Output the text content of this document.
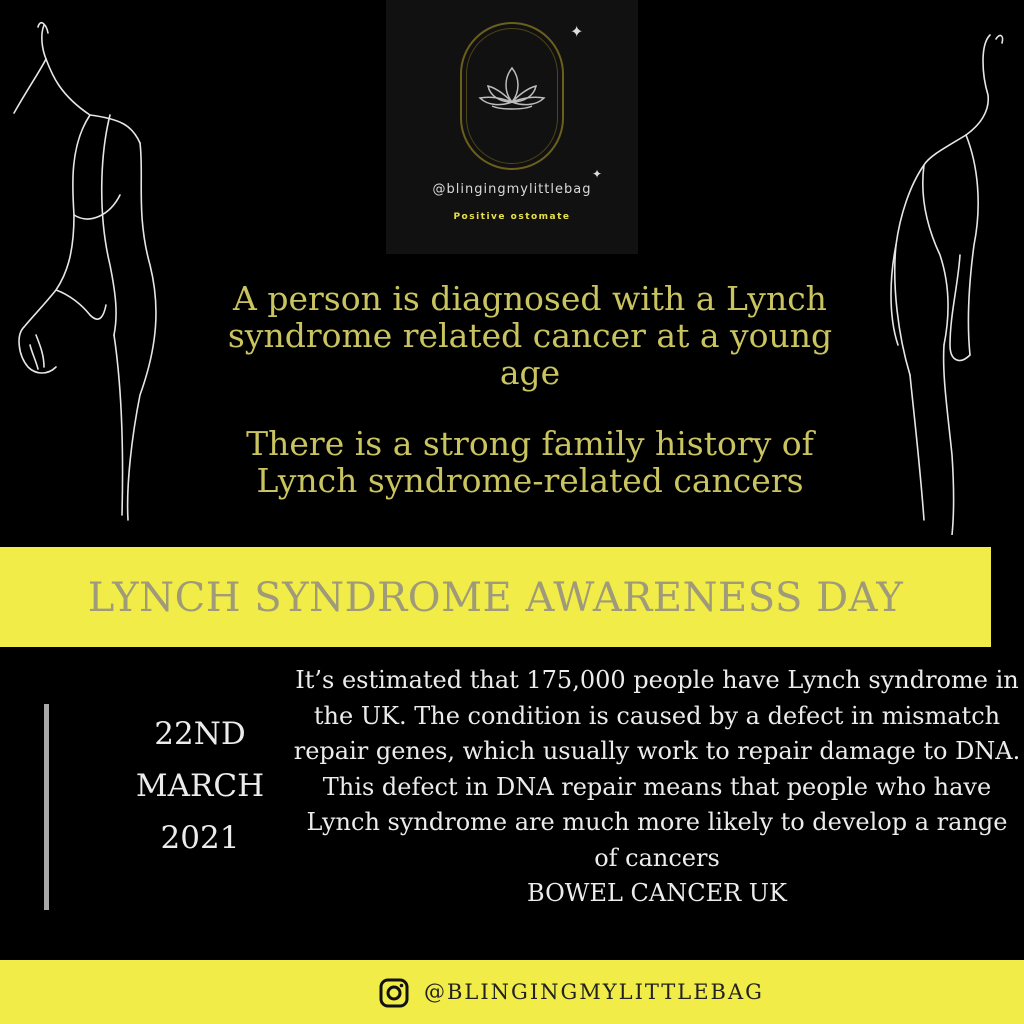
✦
✦
@blingingmylittlebag
Positive ostomate
A person is diagnosed with a Lynch syndrome related cancer at a young age
There is a strong family history of Lynch syndrome-related cancers
LYNCH SYNDROME AWARENESS DAY
22ND
MARCH
2021
It’s estimated that 175,000 people have Lynch syndrome in the UK. The condition is caused by a defect in mismatch repair genes, which usually work to repair damage to DNA. This defect in DNA repair means that people who have Lynch syndrome are much more likely to develop a range of cancers
BOWEL CANCER UK
@BLINGINGMYLITTLEBAG
